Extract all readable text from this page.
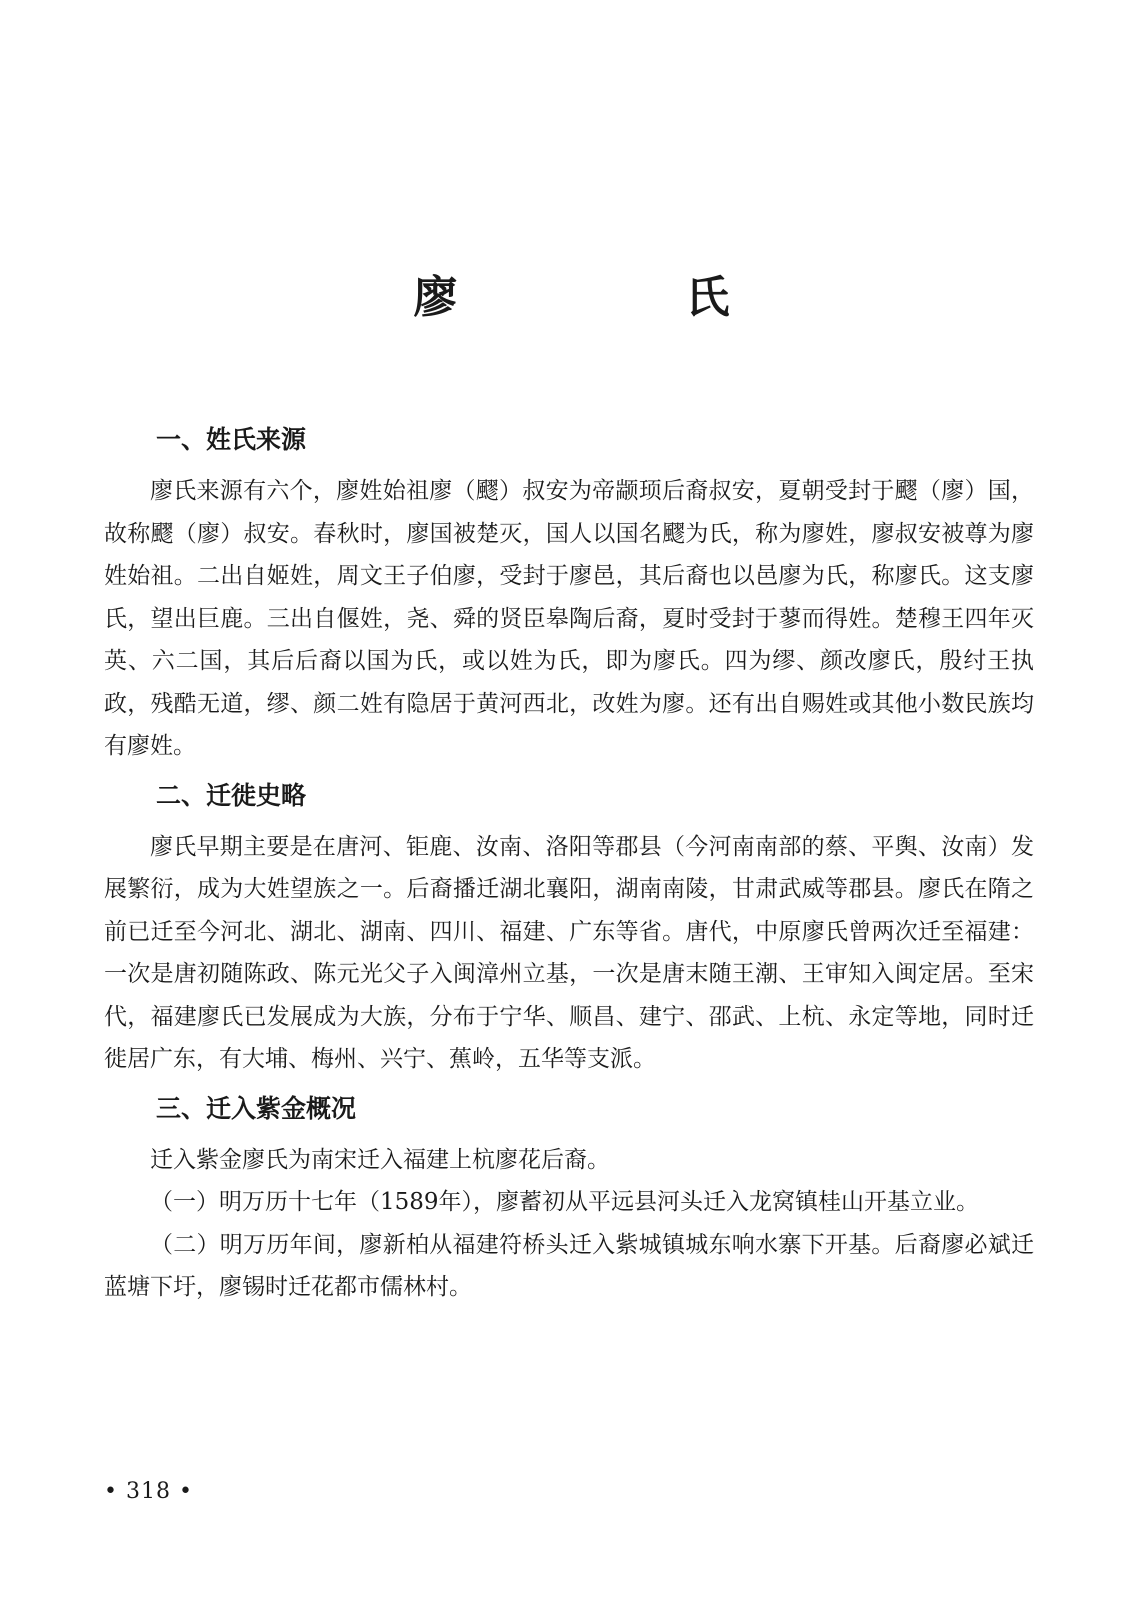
廖　氏
一、姓氏来源

廖氏来源有六个，廖姓始祖廖（飂）叔安为帝颛顼后裔叔安，夏朝受封于飂（廖）国，故称飂（廖）叔安。春秋时，廖国被楚灭，国人以国名飂为氏，称为廖姓，廖叔安被尊为廖姓始祖。二出自姬姓，周文王子伯廖，受封于廖邑，其后裔也以邑廖为氏，称廖氏。这支廖氏，望出巨鹿。三出自偃姓，尧、舜的贤臣皋陶后裔，夏时受封于蓼而得姓。楚穆王四年灭英、六二国，其后后裔以国为氏，或以姓为氏，即为廖氏。四为缪、颜改廖氏，殷纣王执政，残酷无道，缪、颜二姓有隐居于黄河西北，改姓为廖。还有出自赐姓或其他小数民族均有廖姓。

二、迁徙史略

廖氏早期主要是在唐河、钜鹿、汝南、洛阳等郡县（今河南南部的蔡、平舆、汝南）发展繁衍，成为大姓望族之一。后裔播迁湖北襄阳，湖南南陵，甘肃武威等郡县。廖氏在隋之前已迁至今河北、湖北、湖南、四川、福建、广东等省。唐代，中原廖氏曾两次迁至福建：一次是唐初随陈政、陈元光父子入闽漳州立基，一次是唐末随王潮、王审知入闽定居。至宋代，福建廖氏已发展成为大族，分布于宁华、顺昌、建宁、邵武、上杭、永定等地，同时迁徙居广东，有大埔、梅州、兴宁、蕉岭，五华等支派。

三、迁入紫金概况

迁入紫金廖氏为南宋迁入福建上杭廖花后裔。

（一）明万历十七年（1589年），廖蓄初从平远县河头迁入龙窝镇桂山开基立业。

（二）明万历年间，廖新柏从福建符桥头迁入紫城镇城东响水寨下开基。后裔廖必斌迁蓝塘下圩，廖锡时迁花都市儒林村。

• 318 •
